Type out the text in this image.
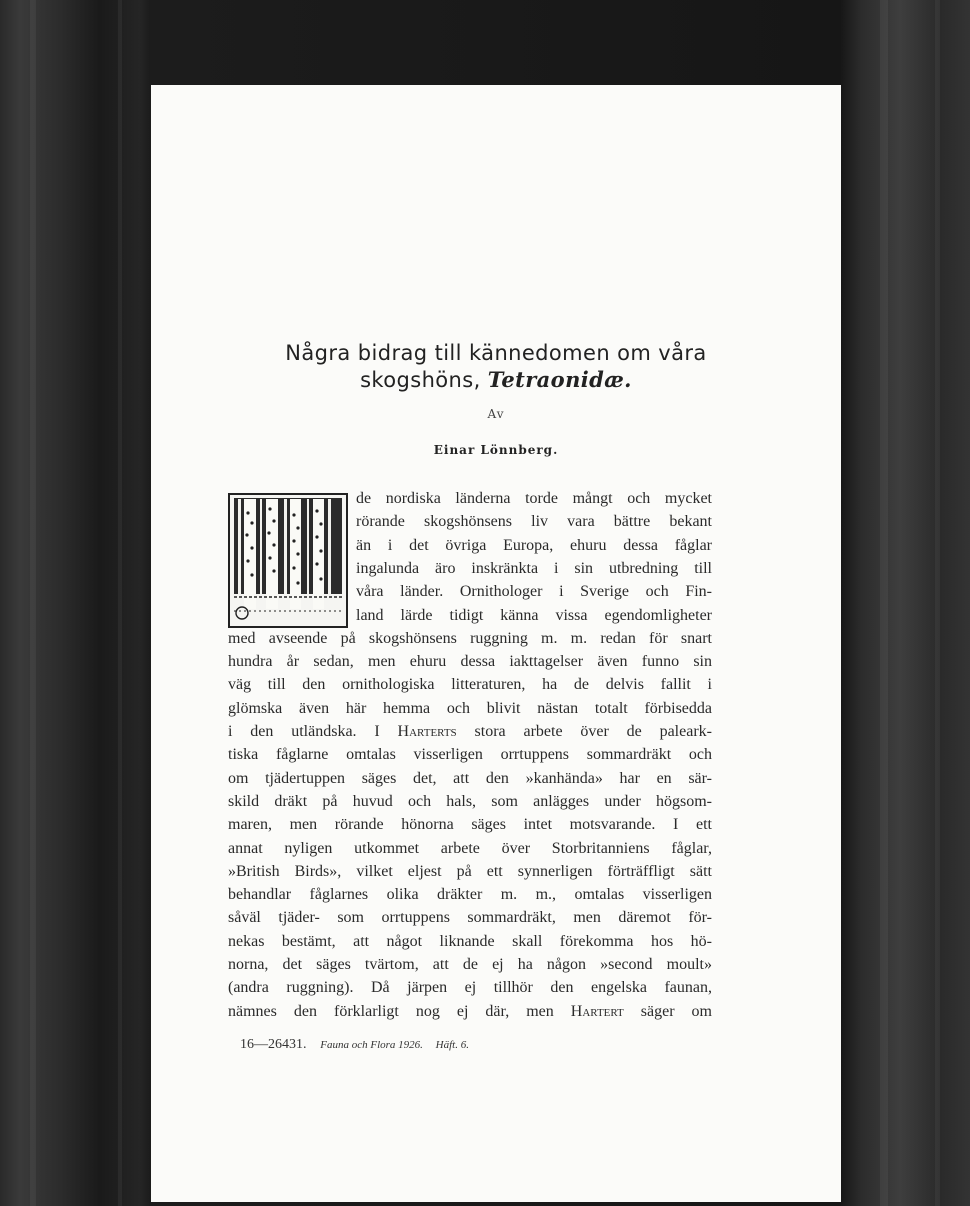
Några bidrag till kännedomen om våra
skogshöns, Tetraonidæ.
Av
Einar Lönnberg.
de nordiska länderna torde mångt och mycket
rörande skogshönsens liv vara bättre bekant
än i det övriga Europa, ehuru dessa fåglar
ingalunda äro inskränkta i sin utbredning till
våra länder. Ornithologer i Sverige och Fin-
land lärde tidigt känna vissa egendomligheter
med avseende på skogshönsens ruggning m. m. redan för snart
hundra år sedan, men ehuru dessa iakttagelser även funno sin
väg till den ornithologiska litteraturen, ha de delvis fallit i
glömska även här hemma och blivit nästan totalt förbisedda
i den utländska. I Harterts stora arbete över de paleark-
tiska fåglarne omtalas visserligen orrtuppens sommardräkt och
om tjädertuppen säges det, att den »kanhända» har en sär-
skild dräkt på huvud och hals, som anlägges under högsom-
maren, men rörande hönorna säges intet motsvarande. I ett
annat nyligen utkommet arbete över Storbritanniens fåglar,
»British Birds», vilket eljest på ett synnerligen förträffligt sätt
behandlar fåglarnes olika dräkter m. m., omtalas visserligen
såväl tjäder- som orrtuppens sommardräkt, men däremot för-
nekas bestämt, att något liknande skall förekomma hos hö-
norna, det säges tvärtom, att de ej ha någon »second moult»
(andra ruggning). Då järpen ej tillhör den engelska faunan,
nämnes den förklarligt nog ej där, men Hartert säger om
16—26431. Fauna och Flora 1926. Häft. 6.
